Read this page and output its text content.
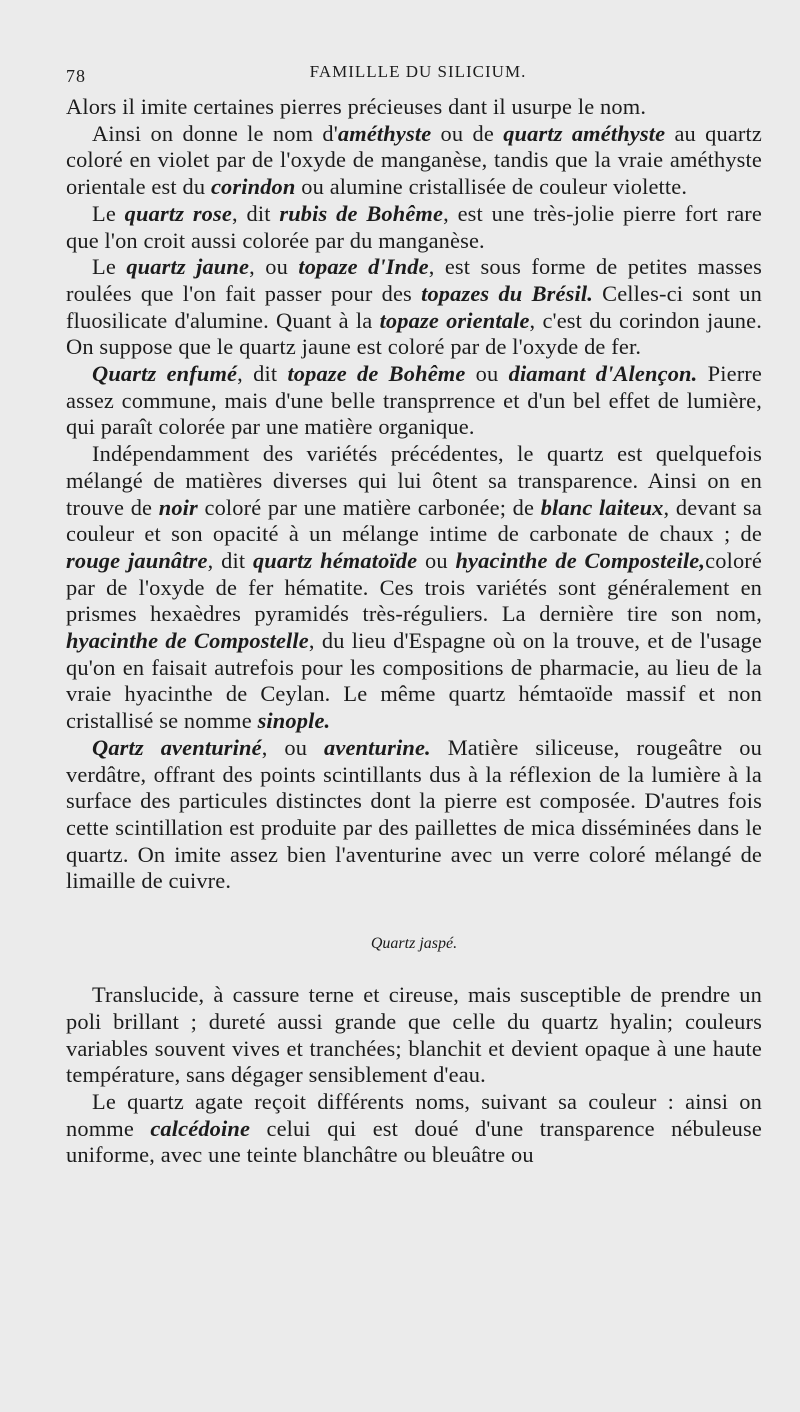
78	FAMILLLE DU SILICIUM.

Alors il imite certaines pierres précieuses dant il usurpe le nom.

Ainsi on donne le nom d'améthyste ou de quartz améthyste au quartz coloré en violet par de l'oxyde de manganèse, tandis que la vraie améthyste orientale est du corindon ou alumine cristallisée de couleur violette.

Le quartz rose, dit rubis de Bohême, est une très-jolie pierre fort rare que l'on croit aussi colorée par du manganèse.

Le quartz jaune, ou topaze d'Inde, est sous forme de petites masses roulées que l'on fait passer pour des topazes du Brésil. Celles-ci sont un fluosilicate d'alumine. Quant à la topaze orientale, c'est du corindon jaune. On suppose que le quartz jaune est coloré par de l'oxyde de fer.

Quartz enfumé, dit topaze de Bohême ou diamant d'Alençon. Pierre assez commune, mais d'une belle transprrence et d'un bel effet de lumière, qui paraît colorée par une matière organique.

Indépendamment des variétés précédentes, le quartz est quelquefois mélangé de matières diverses qui lui ôtent sa transparence. Ainsi on en trouve de noir coloré par une matière carbonée; de blanc laiteux, devant sa couleur et son opacité à un mélange intime de carbonate de chaux ; de rouge jaunâtre, dit quartz hématoïde ou hyacinthe de Composteile,coloré par de l'oxyde de fer hématite. Ces trois variétés sont généralement en prismes hexaèdres pyramidés très-réguliers. La dernière tire son nom, hyacinthe de Compostelle, du lieu d'Espagne où on la trouve, et de l'usage qu'on en faisait autrefois pour les compositions de pharmacie, au lieu de la vraie hyacinthe de Ceylan. Le même quartz hémtaoïde massif et non cristallisé se nomme sinople.

Qartz aventuriné, ou aventurine. Matière siliceuse, rougeâtre ou verdâtre, offrant des points scintillants dus à la réflexion de la lumière à la surface des particules distinctes dont la pierre est composée. D'autres fois cette scintillation est produite par des paillettes de mica disséminées dans le quartz. On imite assez bien l'aventurine avec un verre coloré mélangé de limaille de cuivre.

Quartz jaspé.

Translucide, à cassure terne et cireuse, mais susceptible de prendre un poli brillant ; dureté aussi grande que celle du quartz hyalin; couleurs variables souvent vives et tranchées; blanchit et devient opaque à une haute température, sans dégager sensiblement d'eau.

Le quartz agate reçoit différents noms, suivant sa couleur : ainsi on nomme calcédoine celui qui est doué d'une transparence nébuleuse uniforme, avec une teinte blanchâtre ou bleuâtre ou
